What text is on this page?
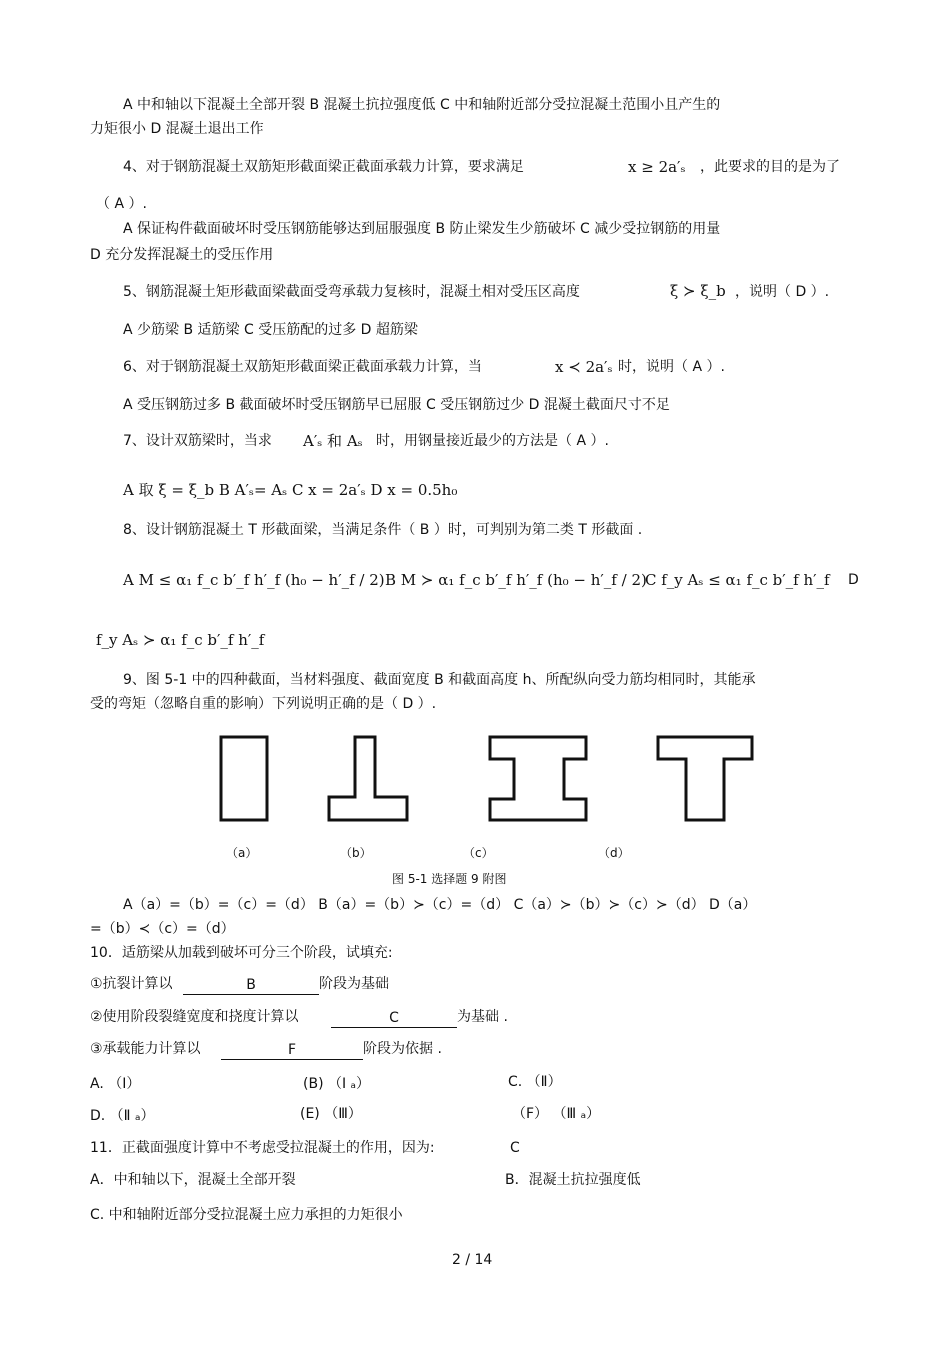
A 中和轴以下混凝土全部开裂 B 混凝土抗拉强度低 C 中和轴附近部分受拉混凝土范围小且产生的
力矩很小 D 混凝土退出工作
4、对于钢筋混凝土双筋矩形截面梁正截面承载力计算，要求满足	x ≥ 2a′ₛ ，此要求的目的是为了
（ A ）.
A 保证构件截面破坏时受压钢筋能够达到屈服强度 B 防止梁发生少筋破坏 C 减少受拉钢筋的用量
D 充分发挥混凝土的受压作用
5、钢筋混凝土矩形截面梁截面受弯承载力复核时，混凝土相对受压区高度	ξ ≻ ξ_b ，说明（ D ）.
A 少筋梁 B 适筋梁 C 受压筋配的过多 D 超筋梁
6、对于钢筋混凝土双筋矩形截面梁正截面承载力计算，当	x ≺ 2a′ₛ 时，说明（ A ）.
A 受压钢筋过多 B 截面破坏时受压钢筋早已屈服 C 受压钢筋过少 D 混凝土截面尺寸不足
7、设计双筋梁时，当求 A′ₛ 和 Aₛ 时，用钢量接近最少的方法是（ A ）.
A 取 ξ = ξ_b B A′ₛ= Aₛ C x = 2a′ₛ D x = 0.5h₀
8、设计钢筋混凝土 T 形截面梁，当满足条件（ B ）时，可判别为第二类 T 形截面 .
A M ≤ α₁ f_c b′_f h′_f (h₀ − h′_f / 2) B M ≻ α₁ f_c b′_f h′_f (h₀ − h′_f / 2)
C f_y Aₛ ≤ α₁ f_c b′_f h′_f D
f_y Aₛ ≻ α₁ f_c b′_f h′_f
9、图 5-1 中的四种截面，当材料强度、截面宽度 B 和截面高度 h、所配纵向受力筋均相同时，其能承
受的弯矩（忽略自重的影响）下列说明正确的是（ D ）.
（a）	（b）	（c）	（d）
图 5-1 选择题 9 附图
A（a）=（b）=（c）=（d） B（a）=（b）≻（c）=（d） C（a）≻（b）≻（c）≻（d） D（a）
=（b）≺（c）=（d）
10．适筋梁从加载到破坏可分三个阶段，试填充:
①抗裂计算以	B	阶段为基础
②使用阶段裂缝宽度和挠度计算以	C	为基础 .
③承载能力计算以	F	阶段为依据 .
A. （Ⅰ）	(B) （Ⅰ ₐ）	C. （Ⅱ）
D. （Ⅱ ₐ）	(E) （Ⅲ）	（F） （Ⅲ ₐ）
11．正截面强度计算中不考虑受拉混凝土的作用，因为:	C
A．中和轴以下，混凝土全部开裂	B．混凝土抗拉强度低
C. 中和轴附近部分受拉混凝土应力承担的力矩很小
2 / 14
